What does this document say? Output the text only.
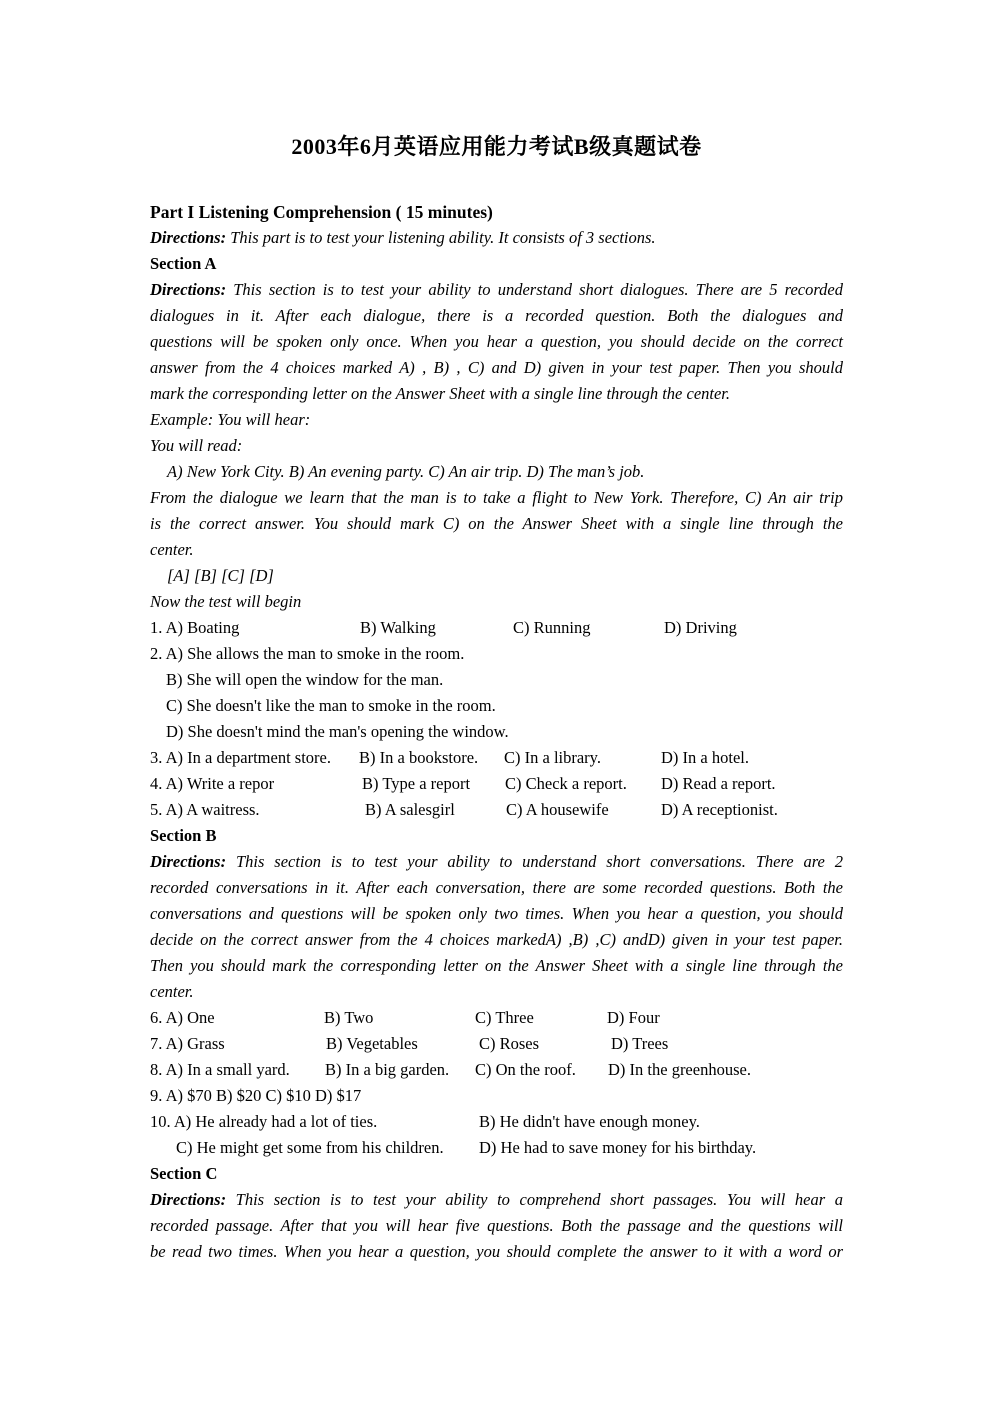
2003年6月英语应用能力考试B级真题试卷
Part I Listening Comprehension ( 15 minutes)
Directions: This part is to test your listening ability. It consists of 3 sections.
Section A
Directions: This section is to test your ability to understand short dialogues. There are 5 recorded
dialogues in it. After each dialogue, there is a recorded question. Both the dialogues and
questions will be spoken only once. When you hear a question, you should decide on the correct
answer from the 4 choices marked A) , B) , C) and D) given in your test paper. Then you should
mark the corresponding letter on the Answer Sheet with a single line through the center.
Example: You will hear:
You will read:
A) New York City. B) An evening party. C) An air trip. D) The man’s job.
From the dialogue we learn that the man is to take a flight to New York. Therefore, C) An air trip
is the correct answer. You should mark C) on the Answer Sheet with a single line through the
center.
[A] [B] [C] [D]
Now the test will begin
1. A) Boating	B) Walking	C) Running	D) Driving
2. A) She allows the man to smoke in the room.
B) She will open the window for the man.
C) She doesn't like the man to smoke in the room.
D) She doesn't mind the man's opening the window.
3. A) In a department store.	B) In a bookstore.	C) In a library.	D) In a hotel.
4. A) Write a repor	B) Type a report	C) Check a report.	D) Read a report.
5. A) A waitress.	B) A salesgirl	C) A housewife	D) A receptionist.
Section B
Directions: This section is to test your ability to understand short conversations. There are 2
recorded conversations in it. After each conversation, there are some recorded questions. Both the
conversations and questions will be spoken only two times. When you hear a question, you should
decide on the correct answer from the 4 choices markedA) ,B) ,C) andD) given in your test paper.
Then you should mark the corresponding letter on the Answer Sheet with a single line through the
center.
6. A) One	B) Two	C) Three	D) Four
7. A) Grass	B) Vegetables	C) Roses	D) Trees
8. A) In a small yard.	B) In a big garden.	C) On the roof.	D) In the greenhouse.
9. A) $70 B) $20 C) $10 D) $17
10. A) He already had a lot of ties.	B) He didn't have enough money.
C) He might get some from his children.	D) He had to save money for his birthday.
Section C
Directions: This section is to test your ability to comprehend short passages. You will hear a
recorded passage. After that you will hear five questions. Both the passage and the questions will
be read two times. When you hear a question, you should complete the answer to it with a word or
